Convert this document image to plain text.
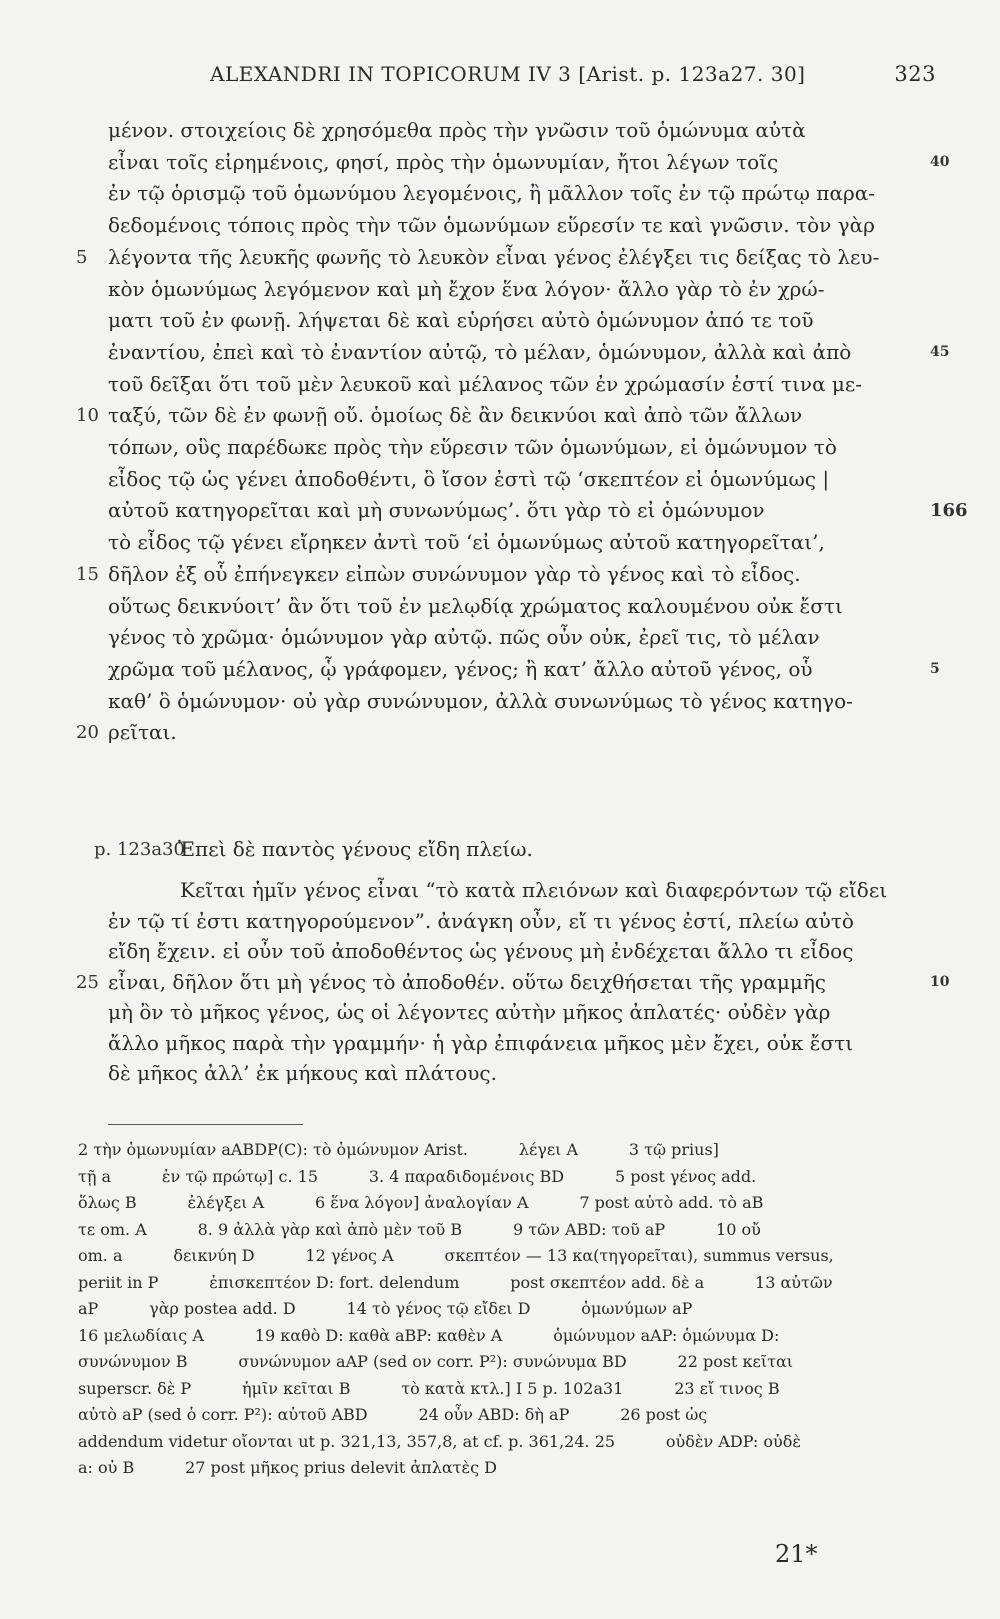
ALEXANDRI IN TOPICORUM IV 3 [Arist. p. 123a27. 30]	323
μένον. στοιχείοις δὲ χρησόμεθα πρὸς τὴν γνῶσιν τοῦ ὁμώνυμα αὐτὰ
εἶναι τοῖς εἰρημένοις, φησί, πρὸς τὴν ὁμωνυμίαν, ἤτοι λέγων τοῖς	40
ἐν τῷ ὁρισμῷ τοῦ ὁμωνύμου λεγομένοις, ἢ μᾶλλον τοῖς ἐν τῷ πρώτῳ παρα-
δεδομένοις τόποις πρὸς τὴν τῶν ὁμωνύμων εὕρεσίν τε καὶ γνῶσιν. τὸν γὰρ
5 λέγοντα τῆς λευκῆς φωνῆς τὸ λευκὸν εἶναι γένος ἐλέγξει τις δείξας τὸ λευ-
κὸν ὁμωνύμως λεγόμενον καὶ μὴ ἔχον ἕνα λόγον· ἄλλο γὰρ τὸ ἐν χρώ-
ματι τοῦ ἐν φωνῇ. λήψεται δὲ καὶ εὑρήσει αὐτὸ ὁμώνυμον ἀπό τε τοῦ
ἐναντίου, ἐπεὶ καὶ τὸ ἐναντίον αὐτῷ, τὸ μέλαν, ὁμώνυμον, ἀλλὰ καὶ ἀπὸ	45
τοῦ δεῖξαι ὅτι τοῦ μὲν λευκοῦ καὶ μέλανος τῶν ἐν χρώμασίν ἐστί τινα με-
10 ταξύ, τῶν δὲ ἐν φωνῇ οὔ. ὁμοίως δὲ ἂν δεικνύοι καὶ ἀπὸ τῶν ἄλλων
τόπων, οὓς παρέδωκε πρὸς τὴν εὕρεσιν τῶν ὁμωνύμων, εἰ ὁμώνυμον τὸ
εἶδος τῷ ὡς γένει ἀποδοθέντι, ὃ ἴσον ἐστὶ τῷ ‘σκεπτέον εἰ ὁμωνύμως |
αὐτοῦ κατηγορεῖται καὶ μὴ συνωνύμως’. ὅτι γὰρ τὸ εἰ ὁμώνυμον	166
τὸ εἶδος τῷ γένει εἴρηκεν ἀντὶ τοῦ ‘εἰ ὁμωνύμως αὐτοῦ κατηγορεῖται’,
15 δῆλον ἐξ οὗ ἐπήνεγκεν εἰπὼν συνώνυμον γὰρ τὸ γένος καὶ τὸ εἶδος.
οὕτως δεικνύοιτ’ ἂν ὅτι τοῦ ἐν μελῳδίᾳ χρώματος καλουμένου οὐκ ἔστι
γένος τὸ χρῶμα· ὁμώνυμον γὰρ αὐτῷ. πῶς οὖν οὐκ, ἐρεῖ τις, τὸ μέλαν
χρῶμα τοῦ μέλανος, ᾧ γράφομεν, γένος; ἢ κατ’ ἄλλο αὐτοῦ γένος, οὗ	5
καθ’ ὃ ὁμώνυμον· οὐ γὰρ συνώνυμον, ἀλλὰ συνωνύμως τὸ γένος κατηγο-
20 ρεῖται.
p. 123a30
Ἐπεὶ δὲ παντὸς γένους εἴδη πλείω.
Κεῖται ἡμῖν γένος εἶναι “τὸ κατὰ πλειόνων καὶ διαφερόντων τῷ εἴδει
ἐν τῷ τί ἐστι κατηγορούμενον”. ἀνάγκη οὖν, εἴ τι γένος ἐστί, πλείω αὐτὸ
εἴδη ἔχειν. εἰ οὖν τοῦ ἀποδοθέντος ὡς γένους μὴ ἐνδέχεται ἄλλο τι εἶδος
25 εἶναι, δῆλον ὅτι μὴ γένος τὸ ἀποδοθέν. οὕτω δειχθήσεται τῆς γραμμῆς	10
μὴ ὂν τὸ μῆκος γένος, ὡς οἱ λέγοντες αὐτὴν μῆκος ἀπλατές· οὐδὲν γὰρ
ἄλλο μῆκος παρὰ τὴν γραμμήν· ἡ γὰρ ἐπιφάνεια μῆκος μὲν ἔχει, οὐκ ἔστι
δὲ μῆκος ἀλλ’ ἐκ μήκους καὶ πλάτους.
2 τὴν ὁμωνυμίαν aABDP(C): τὸ ὁμώνυμον Arist.          λέγει A          3 τῷ prius]
τῇ a          ἐν τῷ πρώτῳ] c. 15          3. 4 παραδιδομένοις BD          5 post γένος add.
ὅλως B          ἐλέγξει A          6 ἕνα λόγον] ἀναλογίαν A          7 post αὐτὸ add. τὸ aB
τε om. A          8. 9 ἀλλὰ γὰρ καὶ ἀπὸ μὲν τοῦ B          9 τῶν ABD: τοῦ aP          10 οὔ
om. a          δεικνύη D          12 γένος A          σκεπτέον — 13 κα(τηγορεῖται), summus versus,
periit in P          ἐπισκεπτέον D: fort. delendum          post σκεπτέον add. δὲ a          13 αὐτῶν
aP          γὰρ postea add. D          14 τὸ γένος τῷ εἴδει D          ὁμωνύμων aP
16 μελωδίαις A          19 καθὸ D: καθὰ aBP: καθὲν A          ὁμώνυμον aAP: ὁμώνυμα D:
συνώνυμον B          συνώνυμον aAP (sed ον corr. P²): συνώνυμα BD          22 post κεῖται
superscr. δὲ P          ἡμῖν κεῖται B          τὸ κατὰ κτλ.] I 5 p. 102a31          23 εἴ τινος B
αὐτὸ aP (sed ὁ corr. P²): αὐτοῦ ABD          24 οὖν ABD: δὴ aP          26 post ὡς
addendum videtur οἴονται ut p. 321,13, 357,8, at cf. p. 361,24. 25          οὐδὲν ADP: οὐδὲ
a: οὐ B          27 post μῆκος prius delevit ἀπλατὲς D
21*
